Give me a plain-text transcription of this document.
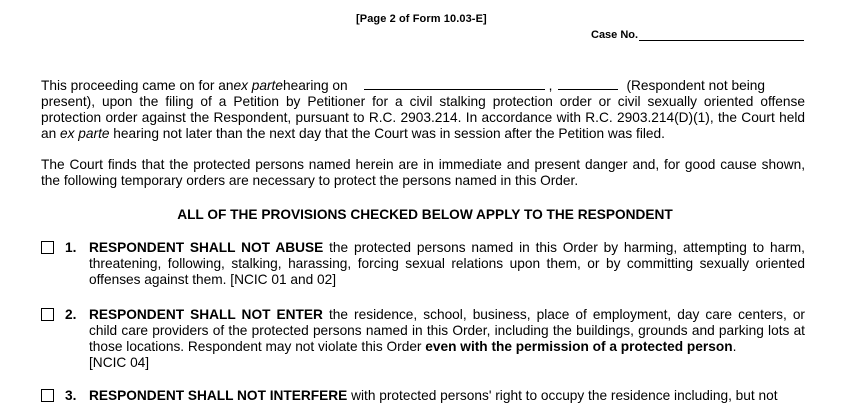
[Page 2 of Form 10.03-E]
Case No.
This proceeding came on for an ex parte hearing on	,	(Respondent not being
present), upon the filing of a Petition by Petitioner for a civil stalking protection order or civil sexually oriented offense protection order against the Respondent, pursuant to R.C. 2903.214. In accordance with R.C. 2903.214(D)(1), the Court held an ex parte hearing not later than the next day that the Court was in session after the Petition was filed.
The Court finds that the protected persons named herein are in immediate and present danger and, for good cause shown, the following temporary orders are necessary to protect the persons named in this Order.
ALL OF THE PROVISIONS CHECKED BELOW APPLY TO THE RESPONDENT
1. RESPONDENT SHALL NOT ABUSE the protected persons named in this Order by harming, attempting to harm, threatening, following, stalking, harassing, forcing sexual relations upon them, or by committing sexually oriented offenses against them. [NCIC 01 and 02]
2. RESPONDENT SHALL NOT ENTER the residence, school, business, place of employment, day care centers, or child care providers of the protected persons named in this Order, including the buildings, grounds and parking lots at those locations. Respondent may not violate this Order even with the permission of a protected person.
[NCIC 04]
3. RESPONDENT SHALL NOT INTERFERE with protected persons' right to occupy the residence including, but not
